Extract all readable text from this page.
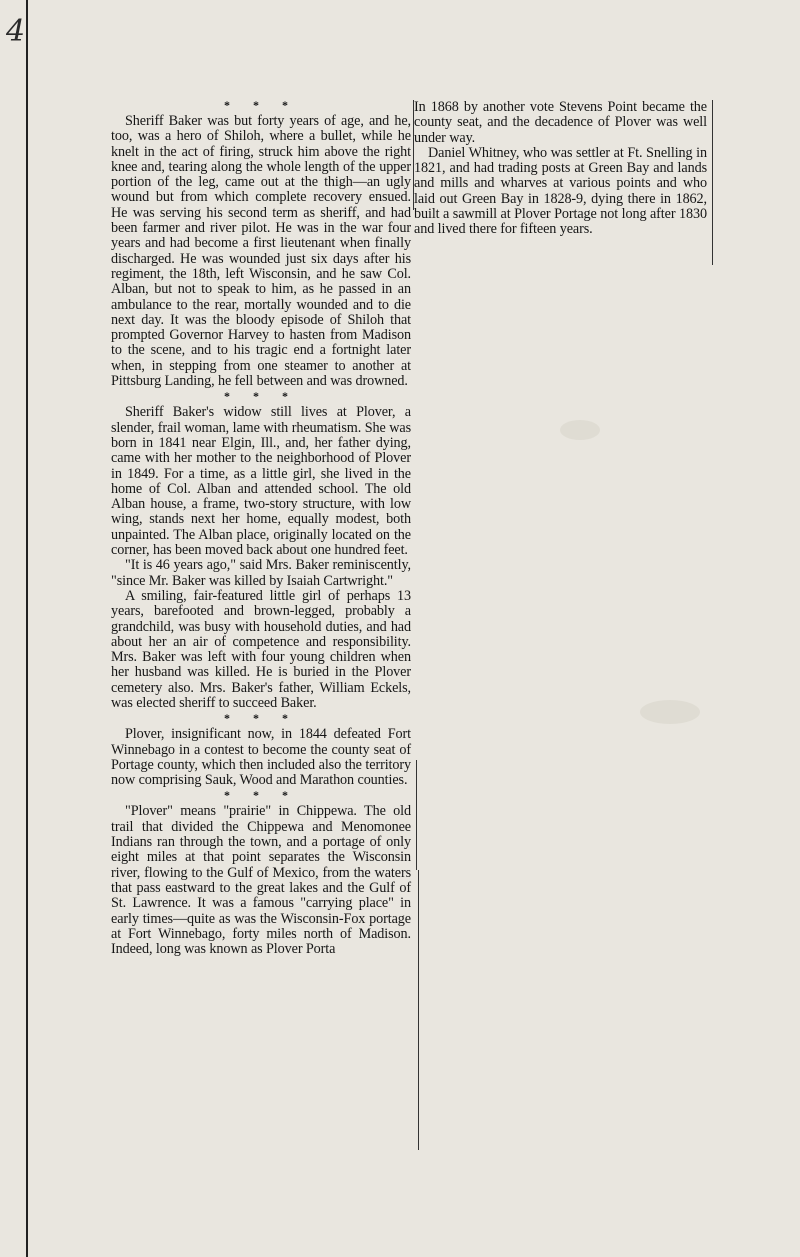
4
* * *

Sheriff Baker was but forty years of age, and he, too, was a hero of Shiloh, where a bullet, while he knelt in the act of firing, struck him above the right knee and, tearing along the whole length of the upper portion of the leg, came out at the thigh—an ugly wound but from which complete recovery ensued. He was serving his second term as sheriff, and had been farmer and river pilot. He was in the war four years and had become a first lieutenant when finally discharged. He was wounded just six days after his regiment, the 18th, left Wisconsin, and he saw Col. Alban, but not to speak to him, as he passed in an ambulance to the rear, mortally wounded and to die next day. It was the bloody episode of Shiloh that prompted Governor Harvey to hasten from Madison to the scene, and to his tragic end a fortnight later when, in stepping from one steamer to another at Pittsburg Landing, he fell between and was drowned.

* * *

Sheriff Baker's widow still lives at Plover, a slender, frail woman, lame with rheumatism. She was born in 1841 near Elgin, Ill., and, her father dying, came with her mother to the neighborhood of Plover in 1849. For a time, as a little girl, she lived in the home of Col. Alban and attended school. The old Alban house, a frame, two-story structure, with low wing, stands next her home, equally modest, both unpainted. The Alban place, originally located on the corner, has been moved back about one hundred feet.

"It is 46 years ago," said Mrs. Baker reminiscently, "since Mr. Baker was killed by Isaiah Cartwright."

A smiling, fair-featured little girl of perhaps 13 years, barefooted and brown-legged, probably a grandchild, was busy with household duties, and had about her an air of competence and responsibility. Mrs. Baker was left with four young children when her husband was killed. He is buried in the Plover cemetery also. Mrs. Baker's father, William Eckels, was elected sheriff to succeed Baker.

* * *

Plover, insignificant now, in 1844 defeated Fort Winnebago in a contest to become the county seat of Portage county, which then included also the territory now comprising Sauk, Wood and Marathon counties.

* * *

"Plover" means "prairie" in Chippewa. The old trail that divided the Chippewa and Menomonee Indians ran through the town, and a portage of only eight miles at that point separates the Wisconsin river, flowing to the Gulf of Mexico, from the waters that pass eastward to the great lakes and the Gulf of St. Lawrence. It was a famous "carrying place" in early times—quite as was the Wisconsin-Fox portage at Fort Winnebago, forty miles north of Madison. Indeed, long was known as Plover Porta

In 1868 by another vote Stevens Point became the county seat, and the decadence of Plover was well under way.

Daniel Whitney, who was settler at Ft. Snelling in 1821, and had trading posts at Green Bay and lands and mills and wharves at various points and who laid out Green Bay in 1828-9, dying there in 1862, built a sawmill at Plover Portage not long after 1830 and lived there for fifteen years.
